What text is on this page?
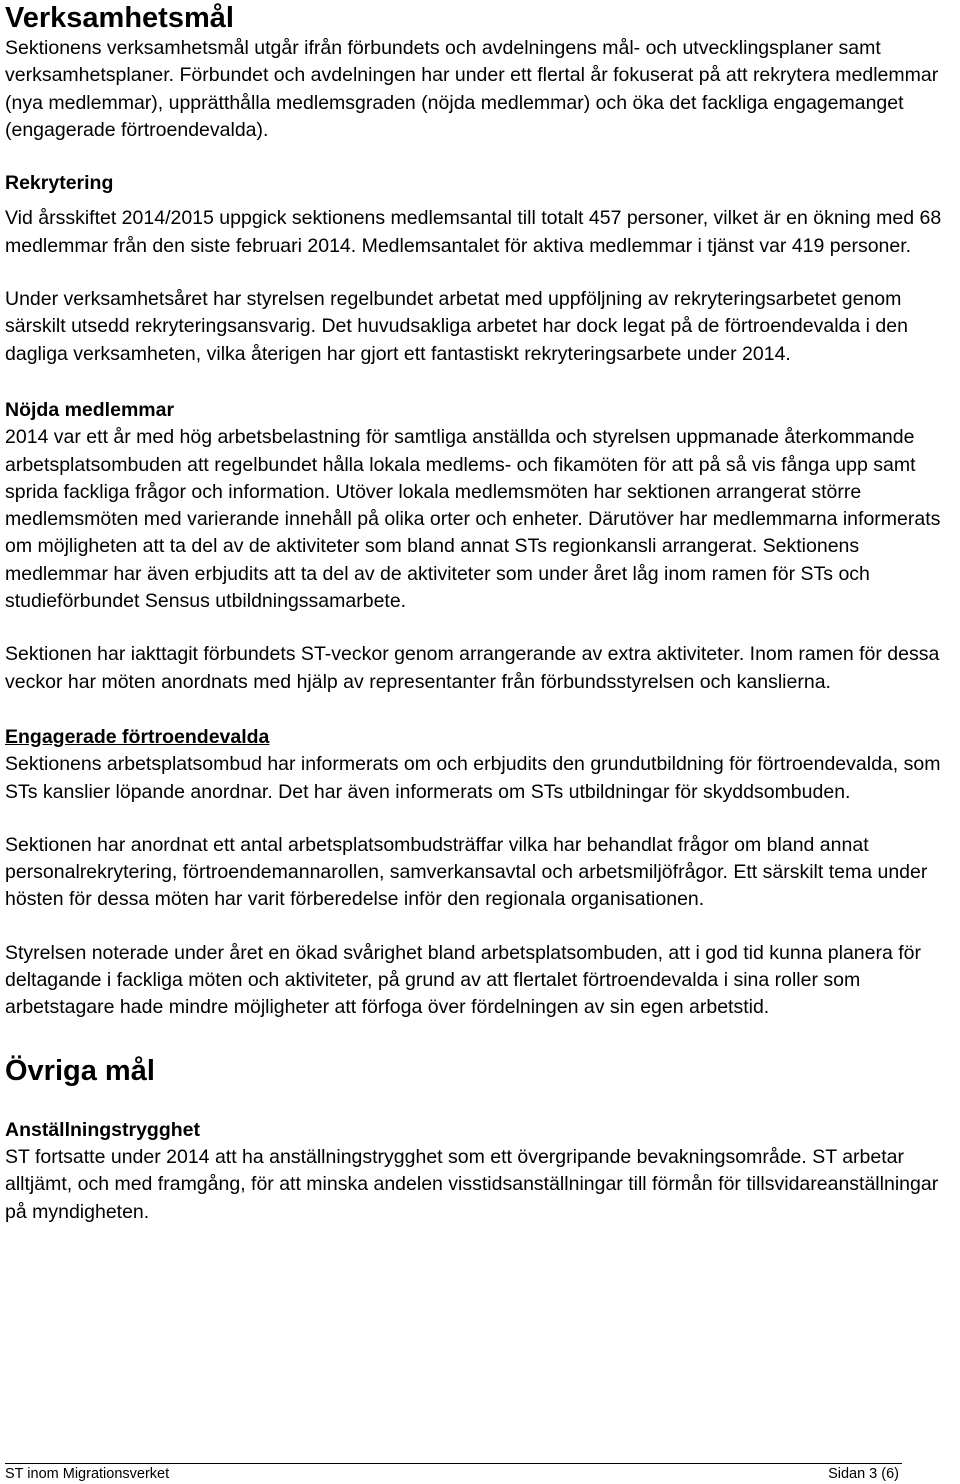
Verksamhetsmål

Sektionens verksamhetsmål utgår ifrån förbundets och avdelningens mål- och utvecklingsplaner samt verksamhetsplaner. Förbundet och avdelningen har under ett flertal år fokuserat på att rekrytera medlemmar (nya medlemmar), upprätthålla medlemsgraden (nöjda medlemmar) och öka det fackliga engagemanget (engagerade förtroendevalda).

Rekrytering

Vid årsskiftet 2014/2015 uppgick sektionens medlemsantal till totalt 457 personer, vilket är en ökning med 68 medlemmar från den siste februari 2014. Medlemsantalet för aktiva medlemmar i tjänst var 419 personer.

Under verksamhetsåret har styrelsen regelbundet arbetat med uppföljning av rekryteringsarbetet genom särskilt utsedd rekryteringsansvarig. Det huvudsakliga arbetet har dock legat på de förtroendevalda i den dagliga verksamheten, vilka återigen har gjort ett fantastiskt rekryteringsarbete under 2014.

Nöjda medlemmar

2014 var ett år med hög arbetsbelastning för samtliga anställda och styrelsen uppmanade återkommande arbetsplatsombuden att regelbundet hålla lokala medlems- och fikamöten för att på så vis fånga upp samt sprida fackliga frågor och information. Utöver lokala medlemsmöten har sektionen arrangerat större medlemsmöten med varierande innehåll på olika orter och enheter. Därutöver har medlemmarna informerats om möjligheten att ta del av de aktiviteter som bland annat STs regionkansli arrangerat. Sektionens medlemmar har även erbjudits att ta del av de aktiviteter som under året låg inom ramen för STs och studieförbundet Sensus utbildningssamarbete.

Sektionen har iakttagit förbundets ST-veckor genom arrangerande av extra aktiviteter. Inom ramen för dessa veckor har möten anordnats med hjälp av representanter från förbundsstyrelsen och kanslierna.

Engagerade förtroendevalda

Sektionens arbetsplatsombud har informerats om och erbjudits den grundutbildning för förtroendevalda, som STs kanslier löpande anordnar. Det har även informerats om STs utbildningar för skyddsombuden.

Sektionen har anordnat ett antal arbetsplatsombudsträffar vilka har behandlat frågor om bland annat personalrekrytering, förtroendemannarollen, samverkansavtal och arbetsmiljöfrågor. Ett särskilt tema under hösten för dessa möten har varit förberedelse inför den regionala organisationen.

Styrelsen noterade under året en ökad svårighet bland arbetsplatsombuden, att i god tid kunna planera för deltagande i fackliga möten och aktiviteter, på grund av att flertalet förtroendevalda i sina roller som arbetstagare hade mindre möjligheter att förfoga över fördelningen av sin egen arbetstid.

Övriga mål
Anställningstrygghet

ST fortsatte under 2014 att ha anställningstrygghet som ett övergripande bevakningsområde. ST arbetar alltjämt, och med framgång, för att minska andelen visstidsanställningar till förmån för tillsvidareanställningar på myndigheten.

ST inom Migrationsverket	Sidan 3 (6)
